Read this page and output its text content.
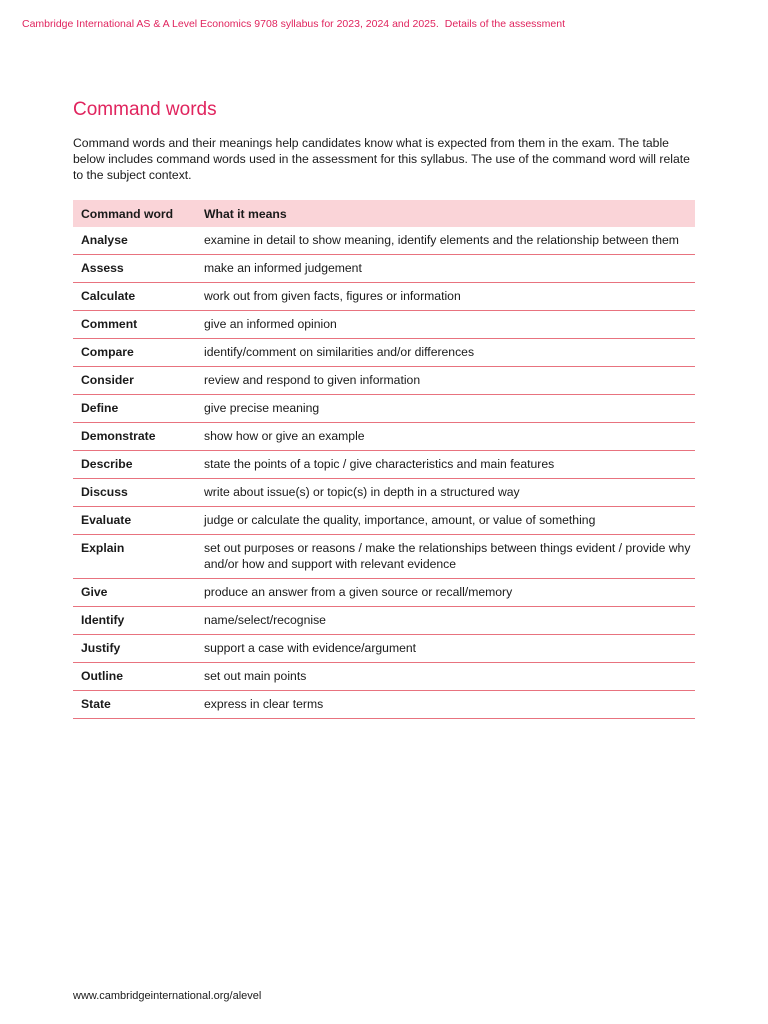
Cambridge International AS & A Level Economics 9708 syllabus for 2023, 2024 and 2025. Details of the assessment
Command words

Command words and their meanings help candidates know what is expected from them in the exam. The table below includes command words used in the assessment for this syllabus. The use of the command word will relate to the subject context.

Command word	What it means
Analyse	examine in detail to show meaning, identify elements and the relationship between them
Assess	make an informed judgement
Calculate	work out from given facts, figures or information
Comment	give an informed opinion
Compare	identify/comment on similarities and/or differences
Consider	review and respond to given information
Define	give precise meaning
Demonstrate	show how or give an example
Describe	state the points of a topic / give characteristics and main features
Discuss	write about issue(s) or topic(s) in depth in a structured way
Evaluate	judge or calculate the quality, importance, amount, or value of something
Explain	set out purposes or reasons / make the relationships between things evident / provide why and/or how and support with relevant evidence
Give	produce an answer from a given source or recall/memory
Identify	name/select/recognise
Justify	support a case with evidence/argument
Outline	set out main points
State	express in clear terms
www.cambridgeinternational.org/alevel
